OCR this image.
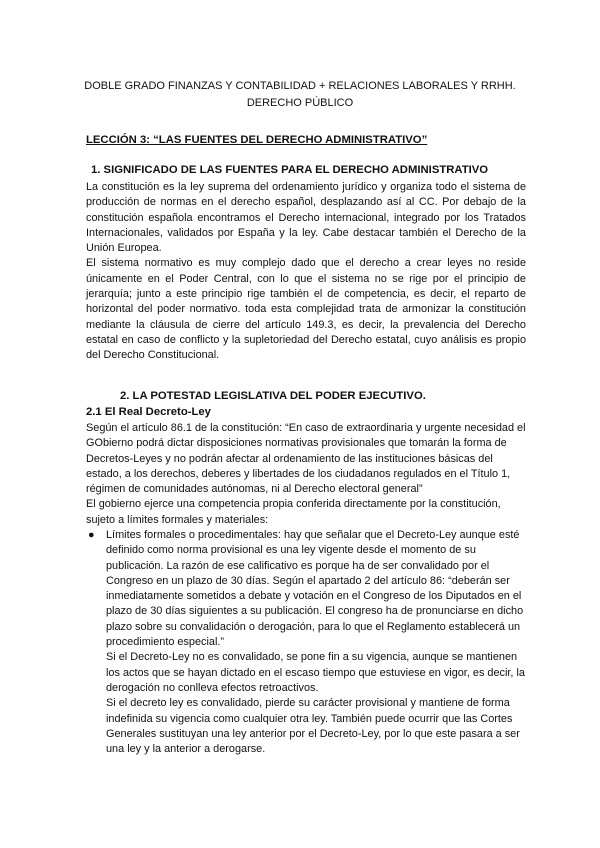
DOBLE GRADO FINANZAS Y CONTABILIDAD + RELACIONES LABORALES Y RRHH.
DERECHO PÚBLICO
LECCIÓN 3: “LAS FUENTES DEL DERECHO ADMINISTRATIVO”
1. SIGNIFICADO DE LAS FUENTES PARA EL DERECHO ADMINISTRATIVO

La constitución es la ley suprema del ordenamiento jurídico y organiza todo el sistema de producción de normas en el derecho español, desplazando así al CC. Por debajo de la constitución española encontramos el Derecho internacional, integrado por los Tratados Internacionales, validados por España y la ley. Cabe destacar también el Derecho de la Unión Europea.

El sistema normativo es muy complejo dado que el derecho a crear leyes no reside únicamente en el Poder Central, con lo que el sistema no se rige por el principio de jerarquía; junto a este principio rige también el de competencia, es decir, el reparto de horizontal del poder normativo. toda esta complejidad trata de armonizar la constitución mediante la cláusula de cierre del artículo 149.3, es decir, la prevalencia del Derecho estatal en caso de conflicto y la supletoriedad del Derecho estatal, cuyo análisis es propio del Derecho Constitucional.

2. LA POTESTAD LEGISLATIVA DEL PODER EJECUTIVO.
2.1 El Real Decreto-Ley

Según el artículo 86.1 de la constitución: “En caso de extraordinaria y urgente necesidad el GObierno podrá dictar disposiciones normativas provisionales que tomarán la forma de Decretos-Leyes y no podrán afectar al ordenamiento de las instituciones básicas del estado, a los derechos, deberes y libertades de los ciudadanos regulados en el Título 1, régimen de comunidades autónomas, ni al Derecho electoral general”

El gobierno ejerce una competencia propia conferida directamente por la constitución, sujeto a límites formales y materiales:

●	Límites formales o procedimentales: hay que señalar que el Decreto-Ley aunque esté definido como norma provisional es una ley vigente desde el momento de su publicación. La razón de ese calificativo es porque ha de ser convalidado por el Congreso en un plazo de 30 días. Según el apartado 2 del artículo 86: “deberán ser inmediatamente sometidos a debate y votación en el Congreso de los Diputados en el plazo de 30 días siguientes a su publicación. El congreso ha de pronunciarse en dicho plazo sobre su convalidación o derogación, para lo que el Reglamento establecerá un procedimiento especial.”

Si el Decreto-Ley no es convalidado, se pone fin a su vigencia, aunque se mantienen los actos que se hayan dictado en el escaso tiempo que estuviese en vigor, es decir, la derogación no conlleva efectos retroactivos.

Si el decreto ley es convalidado, pierde su carácter provisional y mantiene de forma indefinida su vigencia como cualquier otra ley. También puede ocurrir que las Cortes Generales sustituyan una ley anterior por el Decreto-Ley, por lo que este pasara a ser una ley y la anterior a derogarse.
